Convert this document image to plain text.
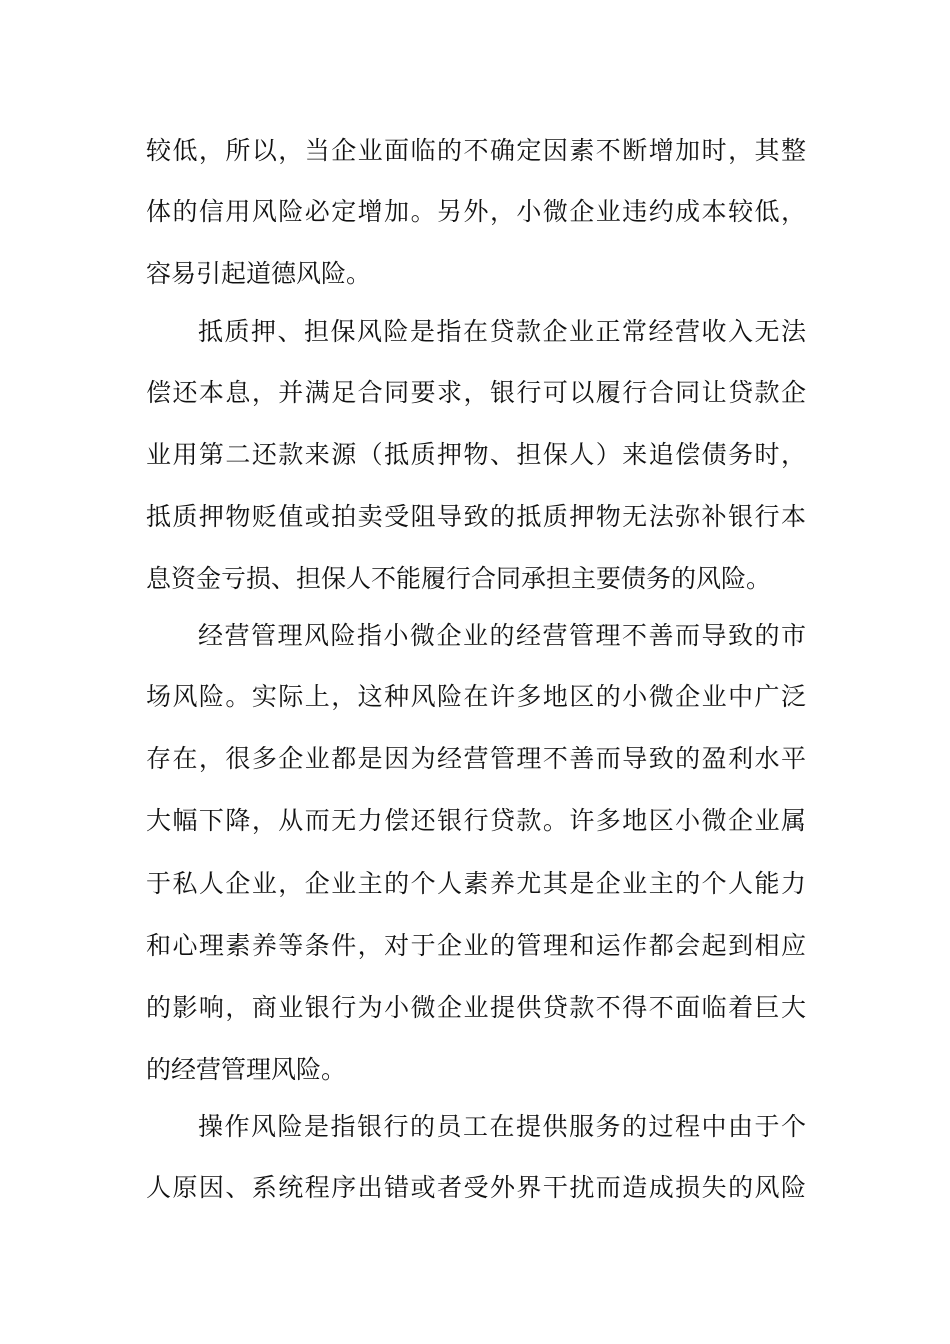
较低，所以，当企业面临的不确定因素不断增加时，其整

体的信用风险必定增加。另外，小微企业违约成本较低，

容易引起道德风险。

抵质押、担保风险是指在贷款企业正常经营收入无法

偿还本息，并满足合同要求，银行可以履行合同让贷款企

业用第二还款来源（抵质押物、担保人）来追偿债务时，

抵质押物贬值或拍卖受阻导致的抵质押物无法弥补银行本

息资金亏损、担保人不能履行合同承担主要债务的风险。

经营管理风险指小微企业的经营管理不善而导致的市

场风险。实际上，这种风险在许多地区的小微企业中广泛

存在，很多企业都是因为经营管理不善而导致的盈利水平

大幅下降，从而无力偿还银行贷款。许多地区小微企业属

于私人企业，企业主的个人素养尤其是企业主的个人能力

和心理素养等条件，对于企业的管理和运作都会起到相应

的影响，商业银行为小微企业提供贷款不得不面临着巨大

的经营管理风险。

操作风险是指银行的员工在提供服务的过程中由于个

人原因、系统程序出错或者受外界干扰而造成损失的风险
